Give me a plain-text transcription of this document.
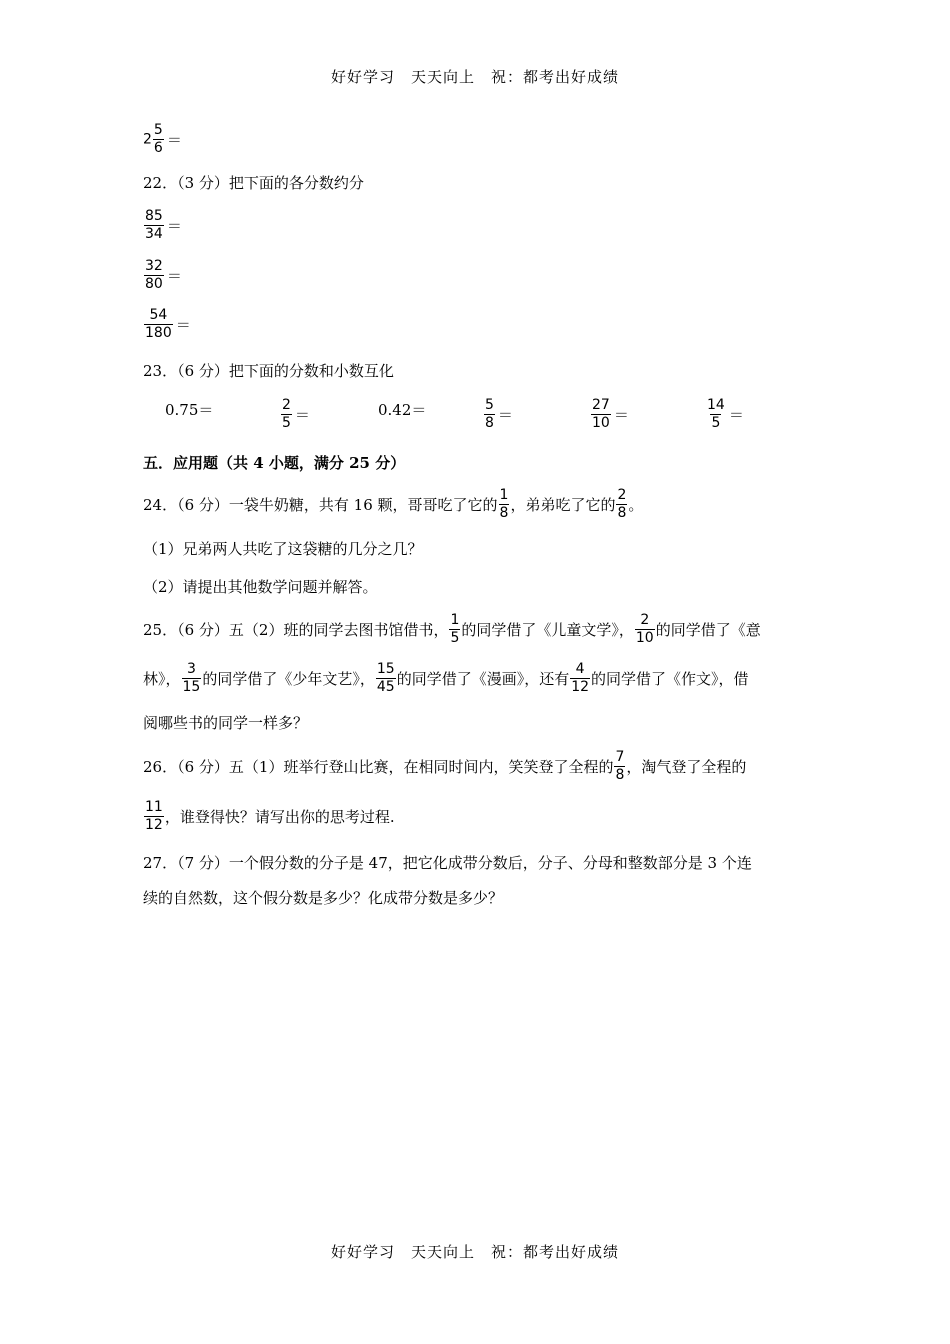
好好学习　天天向上　祝：都考出好成绩
$2 \frac{5}{6}$ ＝
22．（3 分）把下面的各分数约分
$\frac{85}{34}$ ＝
$\frac{32}{80}$ ＝
$\frac{54}{180}$ ＝
23．（6 分）把下面的分数和小数互化
0.75＝	$\frac{2}{5}$ ＝	0.42＝	$\frac{5}{8}$ ＝	$\frac{27}{10}$ ＝	$\frac{14}{5}$ ＝
五．应用题（共 4 小题，满分 25 分）
24．（6 分）一袋牛奶糖，共有 16 颗，哥哥吃了它的 $\frac{1}{8}$ ，弟弟吃了它的 $\frac{2}{8}$ 。
（1）兄弟两人共吃了这袋糖的几分之几？
（2）请提出其他数学问题并解答。
25．（6 分）五（2）班的同学去图书馆借书， $\frac{1}{5}$ 的同学借了《儿童文学》， $\frac{2}{10}$ 的同学借了《意
林》， $\frac{3}{15}$ 的同学借了《少年文艺》， $\frac{15}{45}$ 的同学借了《漫画》，还有 $\frac{4}{12}$ 的同学借了《作文》，借
阅哪些书的同学一样多？
26．（6 分）五（1）班举行登山比赛，在相同时间内，笑笑登了全程的 $\frac{7}{8}$ ，淘气登了全程的
$\frac{11}{12}$ ，谁登得快？请写出你的思考过程.
27．（7 分）一个假分数的分子是 47，把它化成带分数后，分子、分母和整数部分是 3 个连
续的自然数，这个假分数是多少？化成带分数是多少？
好好学习　天天向上　祝：都考出好成绩
